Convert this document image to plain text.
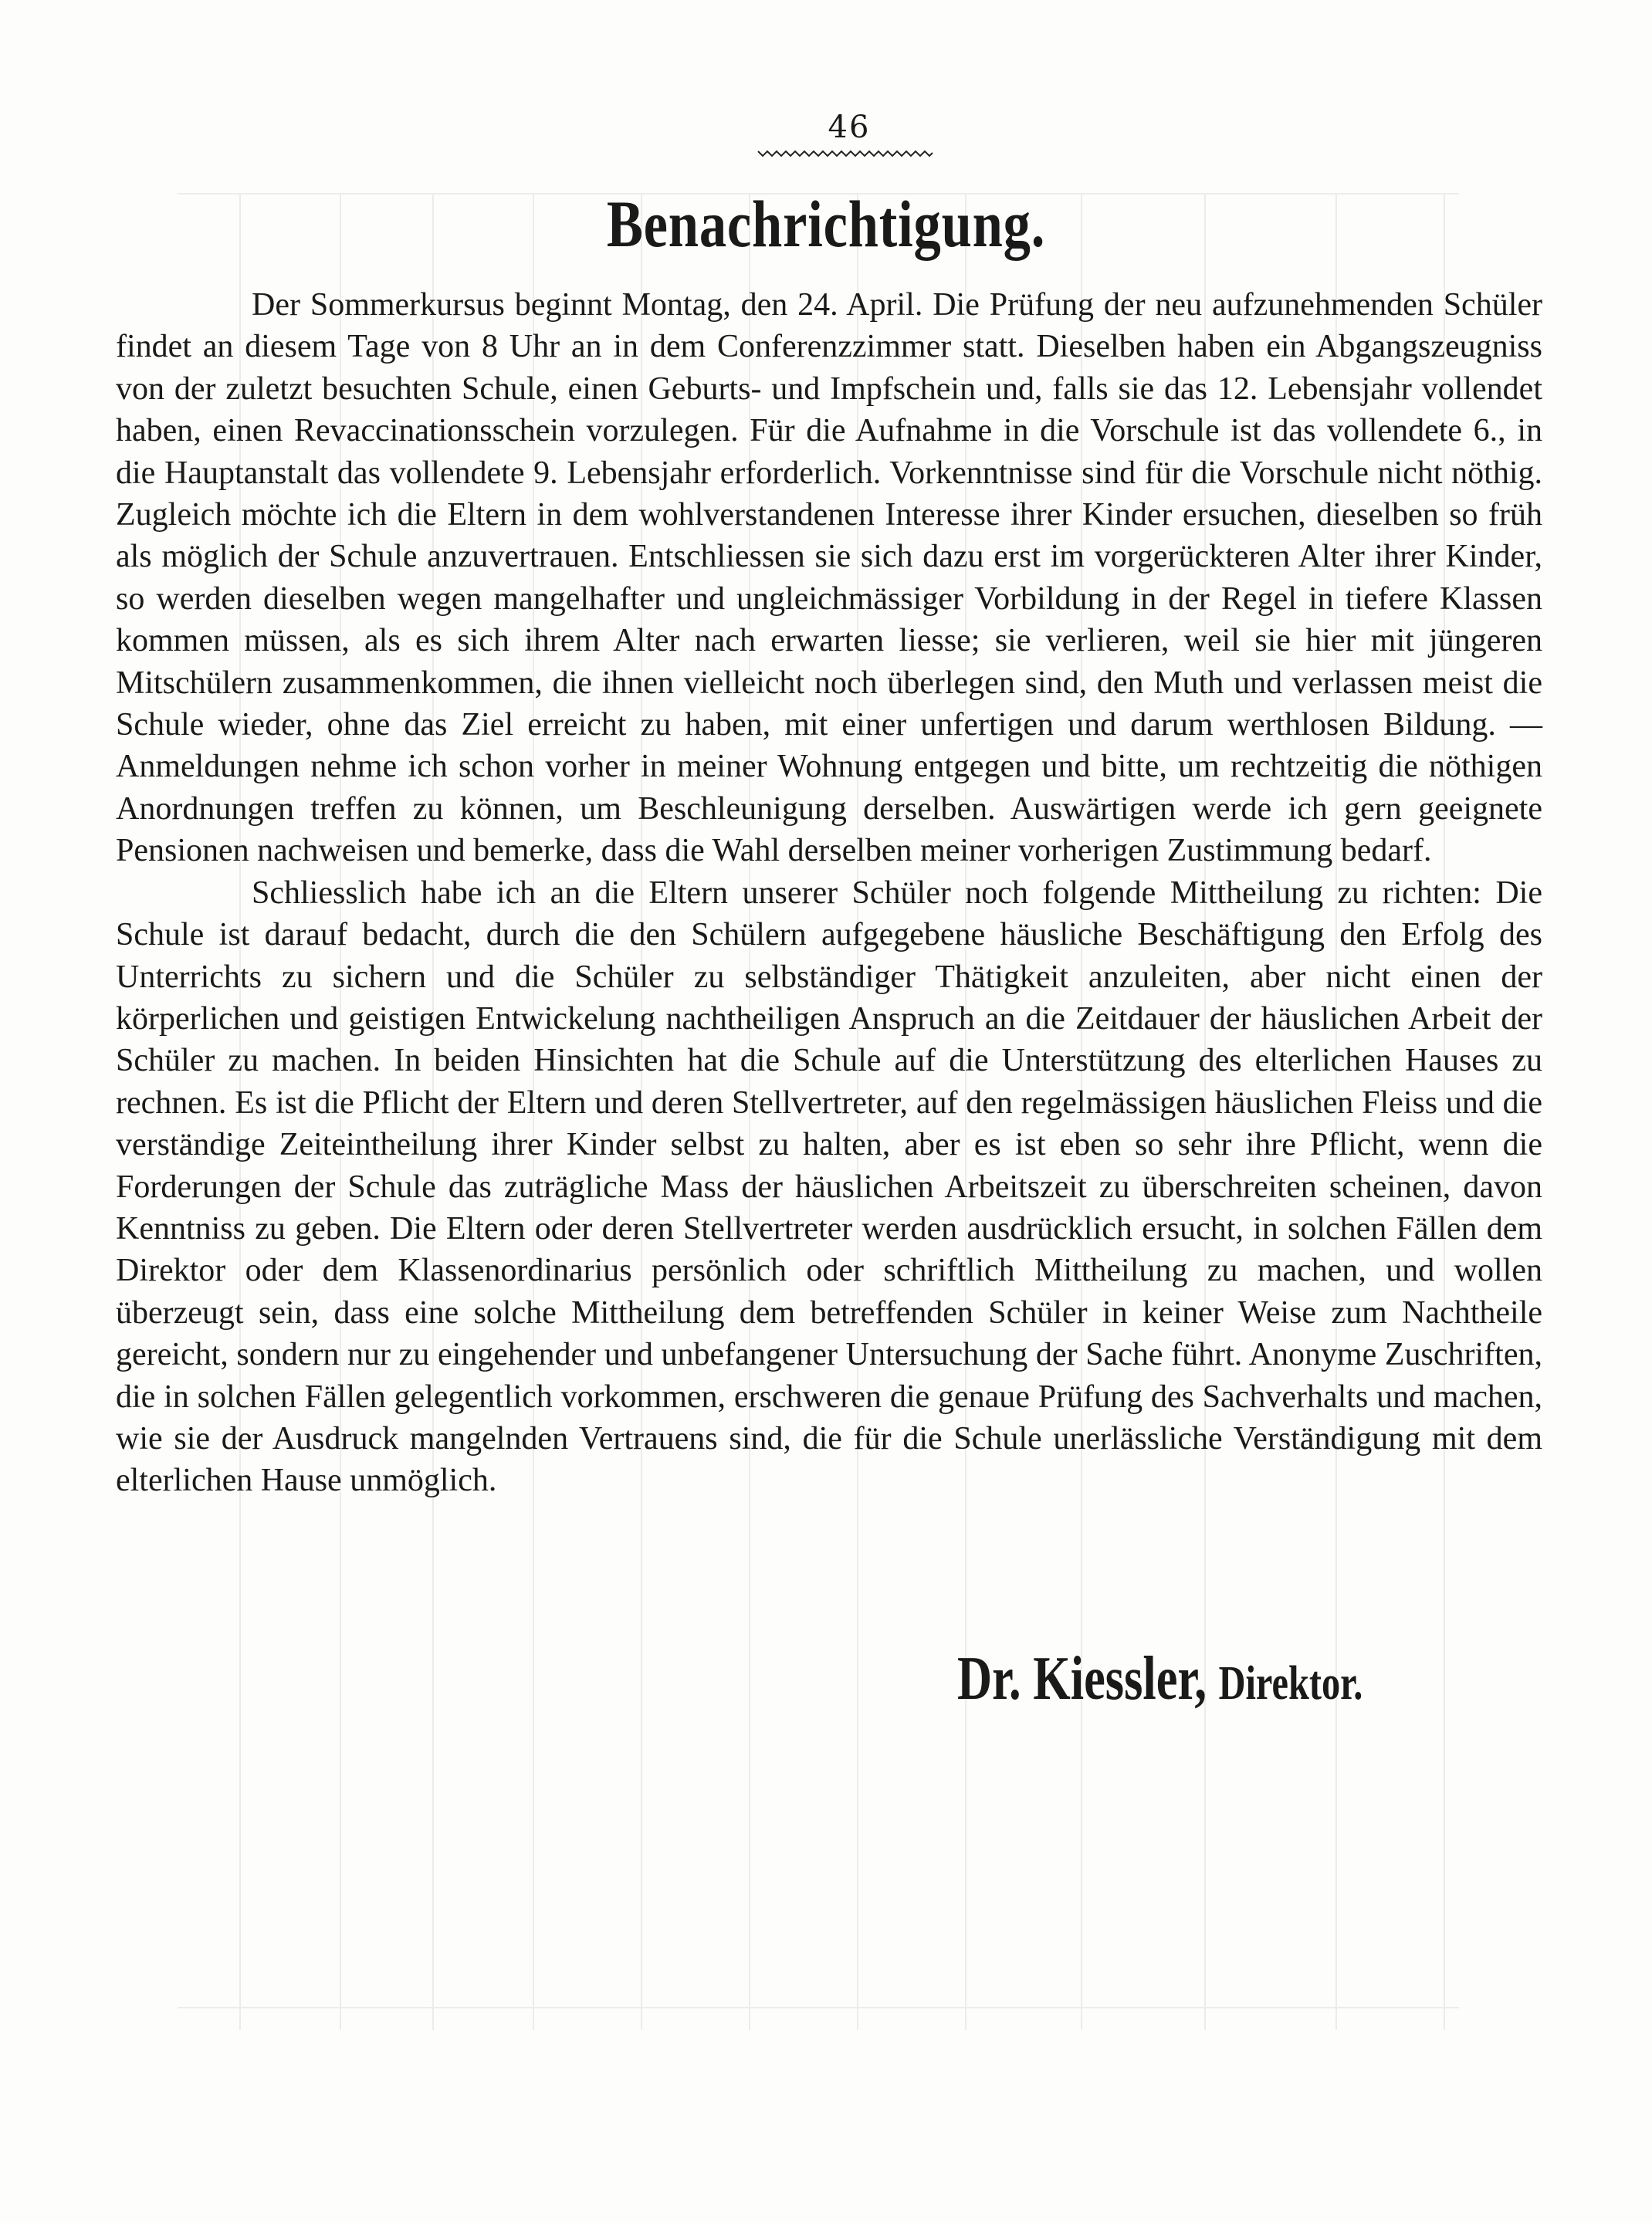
46
Benachrichtigung.

Der Sommerkursus beginnt Montag, den 24. April. Die Prüfung der neu aufzunehmenden Schüler findet an diesem Tage von 8 Uhr an in dem Conferenzzimmer statt. Dieselben haben ein Abgangszeugniss von der zuletzt besuchten Schule, einen Geburts- und Impfschein und, falls sie das 12. Lebensjahr vollendet haben, einen Revaccinationsschein vorzulegen. Für die Aufnahme in die Vorschule ist das vollendete 6., in die Hauptanstalt das vollendete 9. Lebensjahr erforderlich. Vorkenntnisse sind für die Vorschule nicht nöthig. Zugleich möchte ich die Eltern in dem wohlverstandenen Interesse ihrer Kinder ersuchen, dieselben so früh als möglich der Schule anzuvertrauen. Entschliessen sie sich dazu erst im vorgerückteren Alter ihrer Kinder, so werden dieselben wegen mangelhafter und ungleichmässiger Vorbildung in der Regel in tiefere Klassen kommen müssen, als es sich ihrem Alter nach erwarten liesse; sie verlieren, weil sie hier mit jüngeren Mitschülern zusammenkommen, die ihnen vielleicht noch überlegen sind, den Muth und verlassen meist die Schule wieder, ohne das Ziel erreicht zu haben, mit einer unfertigen und darum werthlosen Bildung. — Anmeldungen nehme ich schon vorher in meiner Wohnung entgegen und bitte, um rechtzeitig die nöthigen Anordnungen treffen zu können, um Beschleunigung derselben. Auswärtigen werde ich gern geeignete Pensionen nachweisen und bemerke, dass die Wahl derselben meiner vorherigen Zustimmung bedarf.

Schliesslich habe ich an die Eltern unserer Schüler noch folgende Mittheilung zu richten: Die Schule ist darauf bedacht, durch die den Schülern aufgegebene häusliche Beschäftigung den Erfolg des Unterrichts zu sichern und die Schüler zu selbständiger Thätigkeit anzuleiten, aber nicht einen der körperlichen und geistigen Entwickelung nachtheiligen Anspruch an die Zeitdauer der häuslichen Arbeit der Schüler zu machen. In beiden Hinsichten hat die Schule auf die Unterstützung des elterlichen Hauses zu rechnen. Es ist die Pflicht der Eltern und deren Stellvertreter, auf den regelmässigen häuslichen Fleiss und die verständige Zeiteintheilung ihrer Kinder selbst zu halten, aber es ist eben so sehr ihre Pflicht, wenn die Forderungen der Schule das zuträgliche Mass der häuslichen Arbeitszeit zu überschreiten scheinen, davon Kenntniss zu geben. Die Eltern oder deren Stellvertreter werden ausdrücklich ersucht, in solchen Fällen dem Direktor oder dem Klassenordinarius persönlich oder schriftlich Mittheilung zu machen, und wollen überzeugt sein, dass eine solche Mittheilung dem betreffenden Schüler in keiner Weise zum Nachtheile gereicht, sondern nur zu eingehender und unbefangener Untersuchung der Sache führt. Anonyme Zuschriften, die in solchen Fällen gelegentlich vorkommen, erschweren die genaue Prüfung des Sachverhalts und machen, wie sie der Ausdruck mangelnden Vertrauens sind, die für die Schule unerlässliche Verständigung mit dem elterlichen Hause unmöglich.

Dr. Kiessler, Direktor.
